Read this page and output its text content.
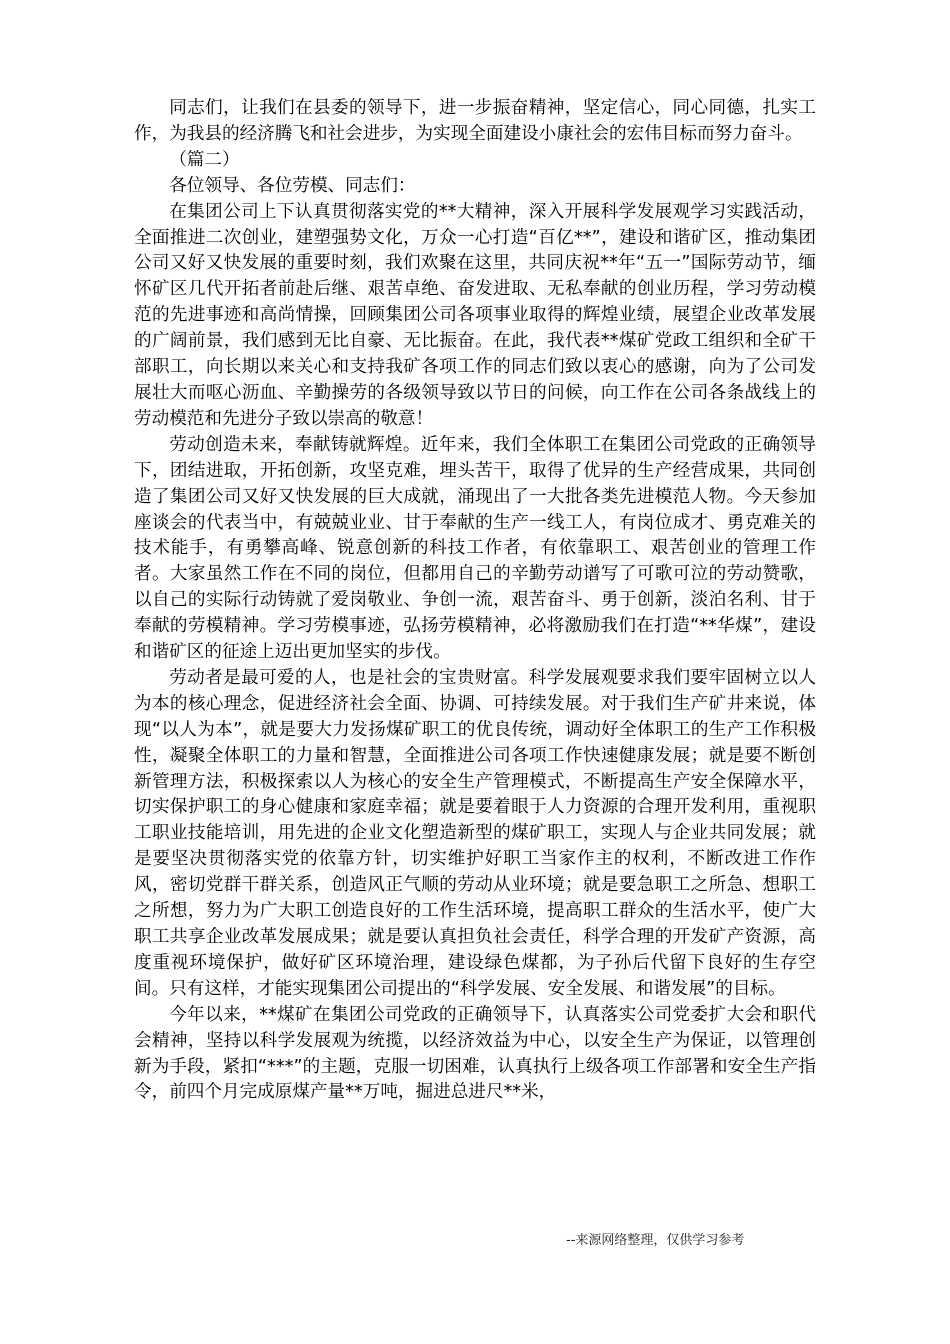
同志们，让我们在县委的领导下，进一步振奋精神，坚定信心，同心同德，扎实工作，为我县的经济腾飞和社会进步，为实现全面建设小康社会的宏伟目标而努力奋斗。

（篇二）

各位领导、各位劳模、同志们：

在集团公司上下认真贯彻落实党的**大精神，深入开展科学发展观学习实践活动，全面推进二次创业，建塑强势文化，万众一心打造“百亿**”，建设和谐矿区，推动集团公司又好又快发展的重要时刻，我们欢聚在这里，共同庆祝**年“五一”国际劳动节，缅怀矿区几代开拓者前赴后继、艰苦卓绝、奋发进取、无私奉献的创业历程，学习劳动模范的先进事迹和高尚情操，回顾集团公司各项事业取得的辉煌业绩，展望企业改革发展的广阔前景，我们感到无比自豪、无比振奋。在此，我代表**煤矿党政工组织和全矿干部职工，向长期以来关心和支持我矿各项工作的同志们致以衷心的感谢，向为了公司发展壮大而呕心沥血、辛勤操劳的各级领导致以节日的问候，向工作在公司各条战线上的劳动模范和先进分子致以崇高的敬意！

劳动创造未来，奉献铸就辉煌。近年来，我们全体职工在集团公司党政的正确领导下，团结进取，开拓创新，攻坚克难，埋头苦干，取得了优异的生产经营成果，共同创造了集团公司又好又快发展的巨大成就，涌现出了一大批各类先进模范人物。今天参加座谈会的代表当中，有兢兢业业、甘于奉献的生产一线工人，有岗位成才、勇克难关的技术能手，有勇攀高峰、锐意创新的科技工作者，有依靠职工、艰苦创业的管理工作者。大家虽然工作在不同的岗位，但都用自己的辛勤劳动谱写了可歌可泣的劳动赞歌，以自己的实际行动铸就了爱岗敬业、争创一流，艰苦奋斗、勇于创新，淡泊名利、甘于奉献的劳模精神。学习劳模事迹，弘扬劳模精神，必将激励我们在打造“**华煤”，建设和谐矿区的征途上迈出更加坚实的步伐。

劳动者是最可爱的人，也是社会的宝贵财富。科学发展观要求我们要牢固树立以人为本的核心理念，促进经济社会全面、协调、可持续发展。对于我们生产矿井来说，体现“以人为本”，就是要大力发扬煤矿职工的优良传统，调动好全体职工的生产工作积极性，凝聚全体职工的力量和智慧，全面推进公司各项工作快速健康发展；就是要不断创新管理方法，积极探索以人为核心的安全生产管理模式，不断提高生产安全保障水平，切实保护职工的身心健康和家庭幸福；就是要着眼于人力资源的合理开发利用，重视职工职业技能培训，用先进的企业文化塑造新型的煤矿职工，实现人与企业共同发展；就是要坚决贯彻落实党的依靠方针，切实维护好职工当家作主的权利，不断改进工作作风，密切党群干群关系，创造风正气顺的劳动从业环境；就是要急职工之所急、想职工之所想，努力为广大职工创造良好的工作生活环境，提高职工群众的生活水平，使广大职工共享企业改革发展成果；就是要认真担负社会责任，科学合理的开发矿产资源，高度重视环境保护，做好矿区环境治理，建设绿色煤都，为子孙后代留下良好的生存空间。只有这样，才能实现集团公司提出的“科学发展、安全发展、和谐发展”的目标。

今年以来，**煤矿在集团公司党政的正确领导下，认真落实公司党委扩大会和职代会精神，坚持以科学发展观为统揽，以经济效益为中心，以安全生产为保证，以管理创新为手段，紧扣“***”的主题，克服一切困难，认真执行上级各项工作部署和安全生产指令，前四个月完成原煤产量**万吨，掘进总进尺**米，

--来源网络整理，仅供学习参考
